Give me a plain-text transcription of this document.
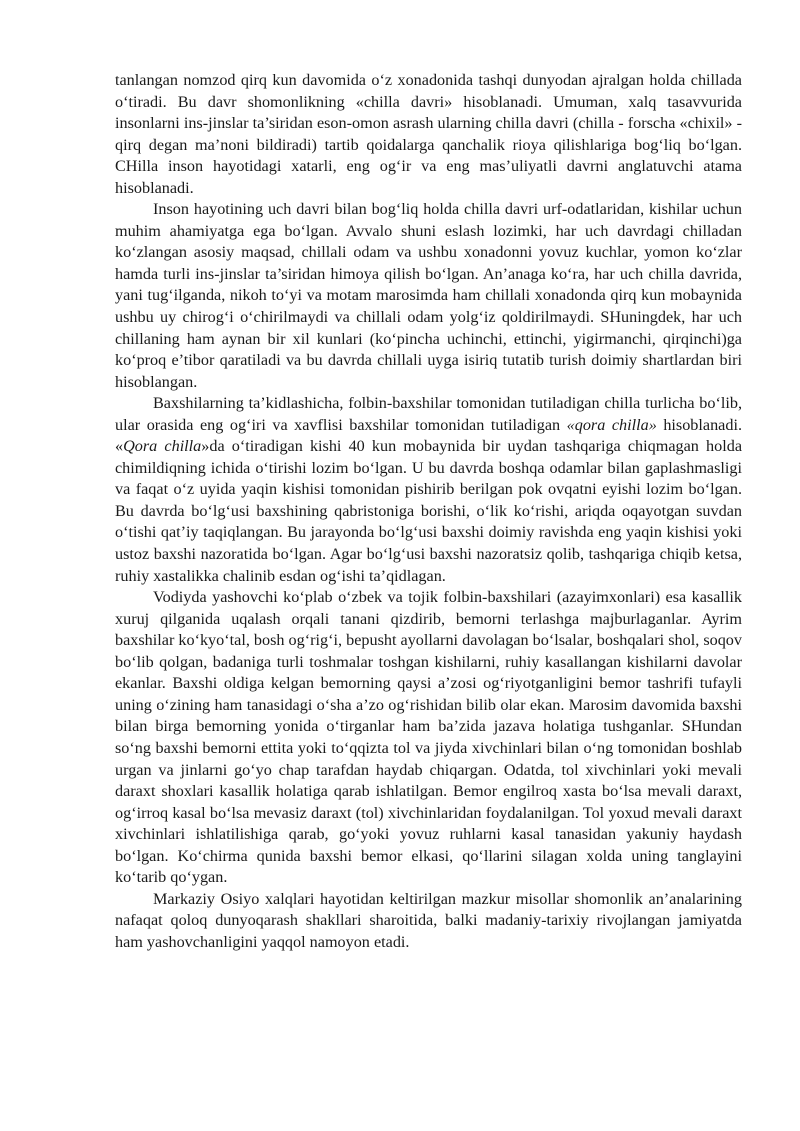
tanlangan nomzod qirq kun davomida o‘z xonadonida tashqi dunyodan ajralgan holda chillada o‘tiradi. Bu davr shomonlikning «chilla davri» hisoblanadi. Umuman, xalq tasavvurida insonlarni ins-jinslar ta’siridan eson-omon asrash ularning chilla davri (chilla - forscha «chixil» - qirq degan ma’noni bildiradi) tartib qoidalarga qanchalik rioya qilishlariga bog‘liq bo‘lgan. CHilla inson hayotidagi xatarli, eng og‘ir va eng mas’uliyatli davrni anglatuvchi atama hisoblanadi.

Inson hayotining uch davri bilan bog‘liq holda chilla davri urf-odatlaridan, kishilar uchun muhim ahamiyatga ega bo‘lgan. Avvalo shuni eslash lozimki, har uch davrdagi chilladan ko‘zlangan asosiy maqsad, chillali odam va ushbu xonadonni yovuz kuchlar, yomon ko‘zlar hamda turli ins-jinslar ta’siridan himoya qilish bo‘lgan. An’anaga ko‘ra, har uch chilla davrida, yani tug‘ilganda, nikoh to‘yi va motam marosimda ham chillali xonadonda qirq kun mobaynida ushbu uy chirog‘i o‘chirilmaydi va chillali odam yolg‘iz qoldirilmaydi. SHuningdek, har uch chillaning ham aynan bir xil kunlari (ko‘pincha uchinchi, ettinchi, yigirmanchi, qirqinchi)ga ko‘proq e’tibor qaratiladi va bu davrda chillali uyga isiriq tutatib turish doimiy shartlardan biri hisoblangan.

Baxshilarning ta’kidlashicha, folbin-baxshilar tomonidan tutiladigan chilla turlicha bo‘lib, ular orasida eng og‘iri va xavflisi baxshilar tomonidan tutiladigan «qora chilla» hisoblanadi. «Qora chilla»da o‘tiradigan kishi 40 kun mobaynida bir uydan tashqariga chiqmagan holda chimildiqning ichida o‘tirishi lozim bo‘lgan. U bu davrda boshqa odamlar bilan gaplashmasligi va faqat o‘z uyida yaqin kishisi tomonidan pishirib berilgan pok ovqatni eyishi lozim bo‘lgan. Bu davrda bo‘lg‘usi baxshining qabristoniga borishi, o‘lik ko‘rishi, ariqda oqayotgan suvdan o‘tishi qat’iy taqiqlangan. Bu jarayonda bo‘lg‘usi baxshi doimiy ravishda eng yaqin kishisi yoki ustoz baxshi nazoratida bo‘lgan. Agar bo‘lg‘usi baxshi nazoratsiz qolib, tashqariga chiqib ketsa, ruhiy xastalikka chalinib esdan og‘ishi ta’qidlagan.

Vodiyda yashovchi ko‘plab o‘zbek va tojik folbin-baxshilari (azayimxonlari) esa kasallik xuruj qilganida uqalash orqali tanani qizdirib, bemorni terlashga majburlaganlar. Ayrim baxshilar ko‘kyo‘tal, bosh og‘rig‘i, bepusht ayollarni davolagan bo‘lsalar, boshqalari shol, soqov bo‘lib qolgan, badaniga turli toshmalar toshgan kishilarni, ruhiy kasallangan kishilarni davolar ekanlar. Baxshi oldiga kelgan bemorning qaysi a’zosi og‘riyotganligini bemor tashrifi tufayli uning o‘zining ham tanasidagi o‘sha a’zo og‘rishidan bilib olar ekan. Marosim davomida baxshi bilan birga bemorning yonida o‘tirganlar ham ba’zida jazava holatiga tushganlar. SHundan so‘ng baxshi bemorni ettita yoki to‘qqizta tol va jiyda xivchinlari bilan o‘ng tomonidan boshlab urgan va jinlarni go‘yo chap tarafdan haydab chiqargan. Odatda, tol xivchinlari yoki mevali daraxt shoxlari kasallik holatiga qarab ishlatilgan. Bemor engilroq xasta bo‘lsa mevali daraxt, og‘irroq kasal bo‘lsa mevasiz daraxt (tol) xivchinlaridan foydalanilgan. Tol yoxud mevali daraxt xivchinlari ishlatilishiga qarab, go‘yoki yovuz ruhlarni kasal tanasidan yakuniy haydash bo‘lgan. Ko‘chirma qunida baxshi bemor elkasi, qo‘llarini silagan xolda uning tanglayini ko‘tarib qo‘ygan.

Markaziy Osiyo xalqlari hayotidan keltirilgan mazkur misollar shomonlik an’analarining nafaqat qoloq dunyoqarash shakllari sharoitida, balki madaniy-tarixiy rivojlangan jamiyatda ham yashovchanligini yaqqol namoyon etadi.
